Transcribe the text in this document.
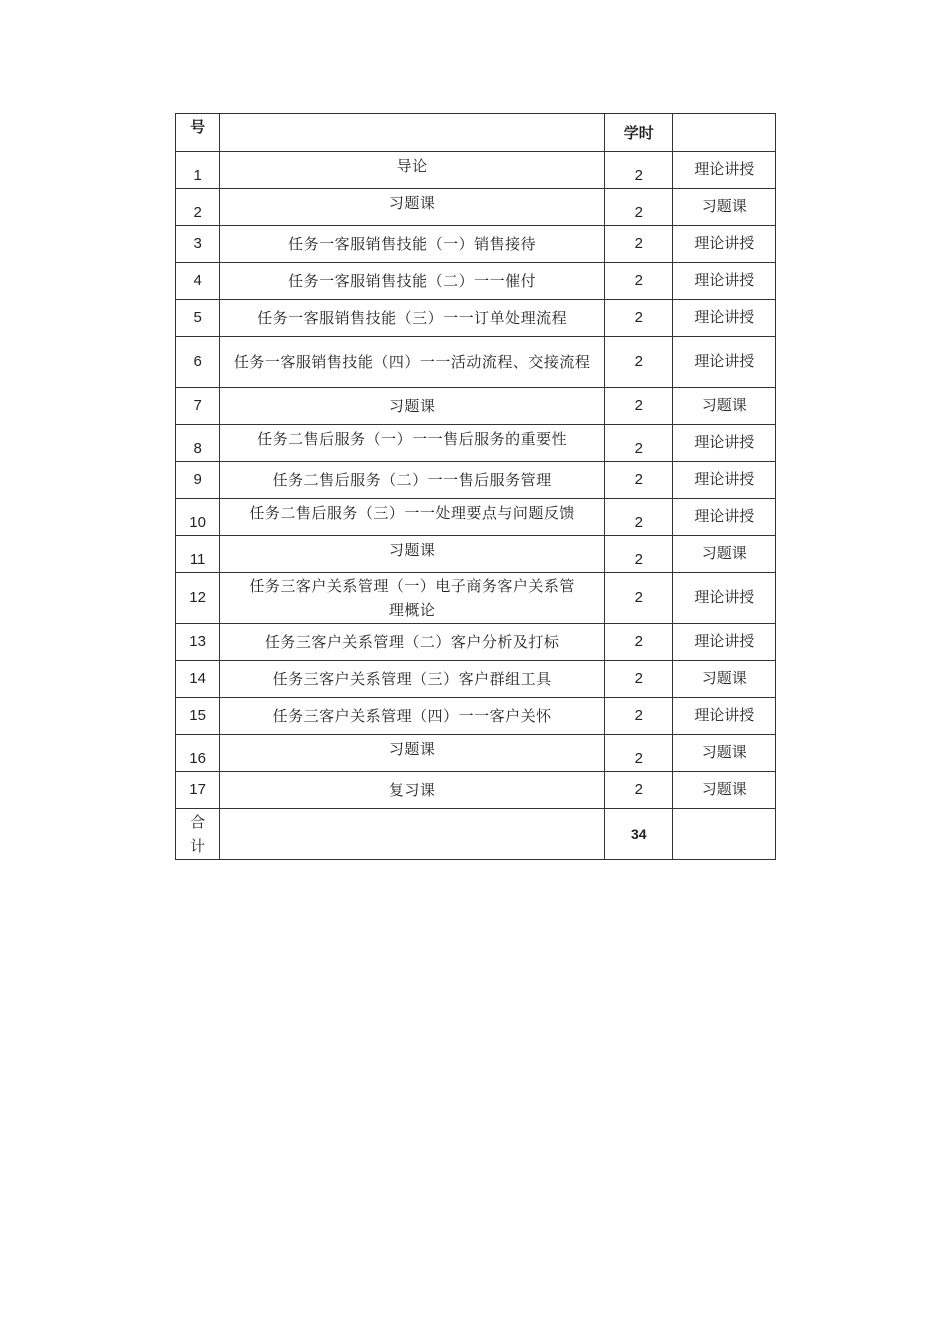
号		学时	
1	导论	2	理论讲授
2	习题课	2	习题课
3	任务一客服销售技能（一）销售接待	2	理论讲授
4	任务一客服销售技能（二）一一催付	2	理论讲授
5	任务一客服销售技能（三）一一订单处理流程	2	理论讲授
6	任务一客服销售技能（四）一一活动流程、交接流程	2	理论讲授
7	习题课	2	习题课
8	任务二售后服务（一）一一售后服务的重要性	2	理论讲授
9	任务二售后服务（二）一一售后服务管理	2	理论讲授
10	任务二售后服务（三）一一处理要点与问题反馈	2	理论讲授
11	习题课	2	习题课
12	任务三客户关系管理（一）电子商务客户关系管理概论	2	理论讲授
13	任务三客户关系管理（二）客户分析及打标	2	理论讲授
14	任务三客户关系管理（三）客户群组工具	2	习题课
15	任务三客户关系管理（四）一一客户关怀	2	理论讲授
16	习题课	2	习题课
17	复习课	2	习题课
合计		34	
